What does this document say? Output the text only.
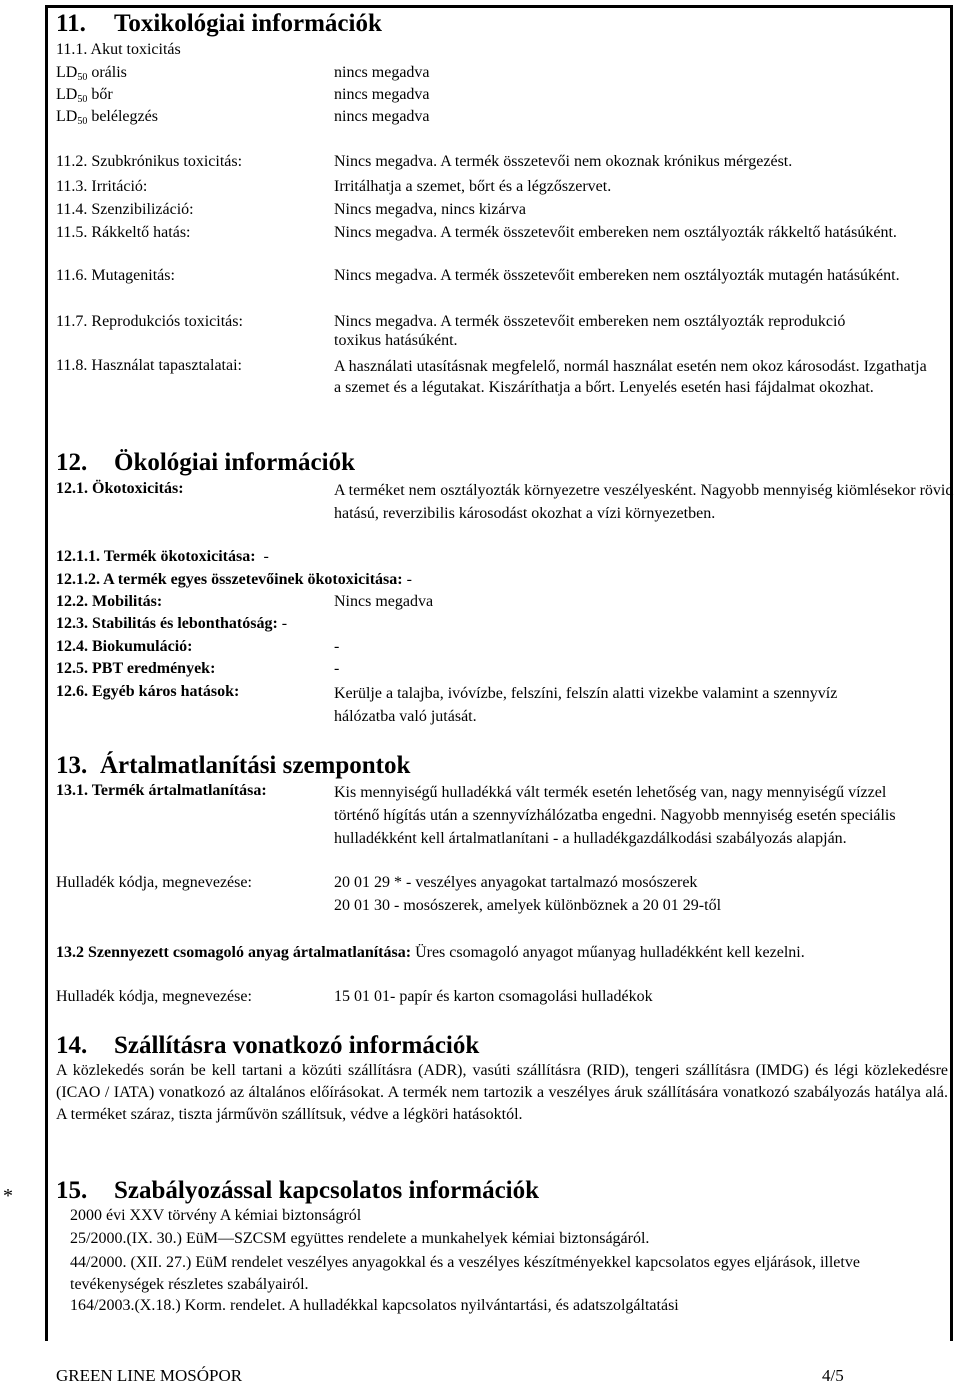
11. Toxikológiai információk
11.1. Akut toxicitás
$LD_{50}$ orális	nincs megadva
$LD_{50}$ bőr	nincs megadva
$LD_{50}$ belélegzés	nincs megadva
11.2. Szubkrónikus toxicitás:	Nincs megadva. A termék összetevői nem okoznak krónikus mérgezést.
11.3. Irritáció:	Irritálhatja a szemet, bőrt és a légzőszervet.
11.4. Szenzibilizáció:	Nincs megadva, nincs kizárva
11.5. Rákkeltő hatás:	Nincs megadva. A termék összetevőit embereken nem osztályozták rákkeltő hatásúként.
11.6. Mutagenitás:	Nincs megadva. A termék összetevőit embereken nem osztályozták mutagén hatásúként.
11.7. Reprodukciós toxicitás:	Nincs megadva. A termék összetevőit embereken nem osztályozták reprodukció toxikus hatásúként.
11.8. Használat tapasztalatai:	A használati utasításnak megfelelő, normál használat esetén nem okoz károsodást. Izgathatja a szemet és a légutakat. Kiszáríthatja a bőrt. Lenyelés esetén hasi fájdalmat okozhat.
12. Ökológiai információk
12.1. Ökotoxicitás:	A terméket nem osztályozták környezetre veszélyesként. Nagyobb mennyiség kiömlésekor rövid hatású, reverzibilis károsodást okozhat a vízi környezetben.
12.1.1. Termék ökotoxicitása: -
12.1.2. A termék egyes összetevőinek ökotoxicitása: -
12.2. Mobilitás:	Nincs megadva
12.3. Stabilitás és lebonthatóság: -
12.4. Biokumuláció:	-
12.5. PBT eredmények:	-
12.6. Egyéb káros hatások:	Kerülje a talajba, ivóvízbe, felszíni, felszín alatti vizekbe valamint a szennyvíz hálózatba való jutását.
13. Ártalmatlanítási szempontok
13.1. Termék ártalmatlanítása:	Kis mennyiségű hulladékká vált termék esetén lehetőség van, nagy mennyiségű vízzel történő hígítás után a szennyvízhálózatba engedni. Nagyobb mennyiség esetén speciális hulladékként kell ártalmatlanítani - a hulladékgazdálkodási szabályozás alapján.
Hulladék kódja, megnevezése:	20 01 29 * - veszélyes anyagokat tartalmazó mosószerek
20 01 30 - mosószerek, amelyek különböznek a 20 01 29-től
13.2 Szennyezett csomagoló anyag ártalmatlanítása: Üres csomagoló anyagot műanyag hulladékként kell kezelni.
Hulladék kódja, megnevezése:	15 01 01- papír és karton csomagolási hulladékok
14. Szállításra vonatkozó információk
A közlekedés során be kell tartani a közúti szállításra (ADR), vasúti szállításra (RID), tengeri szállításra (IMDG) és légi közlekedésre (ICAO / IATA) vonatkozó az általános előírásokat. A termék nem tartozik a veszélyes áruk szállítására vonatkozó szabályozás hatálya alá. A terméket száraz, tiszta járművön szállítsuk, védve a légköri hatásoktól.
* 15. Szabályozással kapcsolatos információk
2000 évi XXV törvény A kémiai biztonságról
25/2000.(IX. 30.) EüM—SZCSM együttes rendelete a munkahelyek kémiai biztonságáról.
44/2000. (XII. 27.) EüM rendelet veszélyes anyagokkal és a veszélyes készítményekkel kapcsolatos egyes eljárások, illetve tevékenységek részletes szabályairól.
164/2003.(X.18.) Korm. rendelet. A hulladékkal kapcsolatos nyilvántartási, és adatszolgáltatási
GREEN LINE MOSÓPOR	4/5
